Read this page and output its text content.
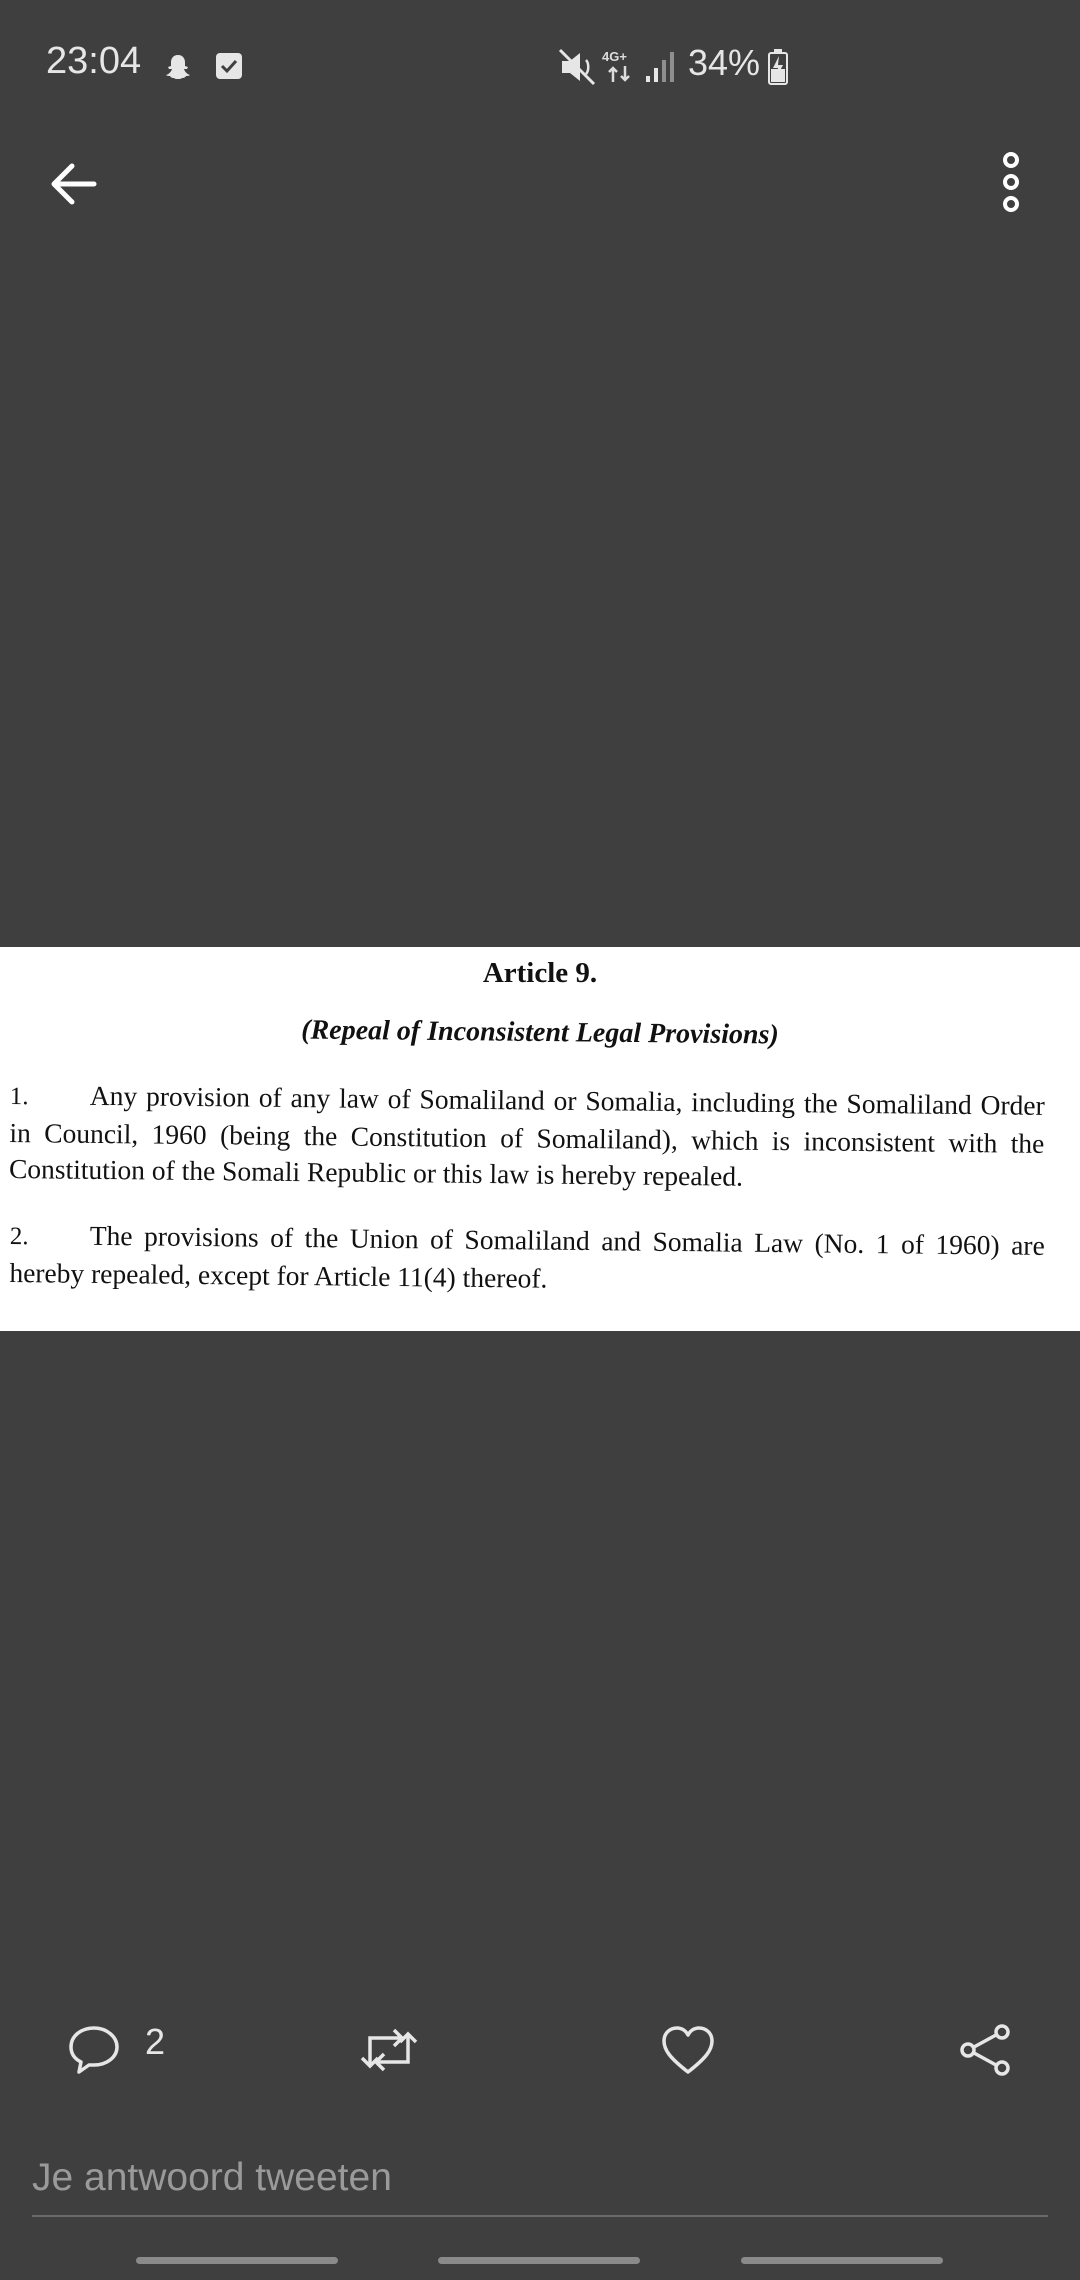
23:04	4G+ 34%
Article 9.
(Repeal of Inconsistent Legal Provisions)
1. Any provision of any law of Somaliland or Somalia, including the Somaliland Order in Council, 1960 (being the Constitution of Somaliland), which is inconsistent with the Constitution of the Somali Republic or this law is hereby repealed.
2. The provisions of the Union of Somaliland and Somalia Law (No. 1 of 1960) are hereby repealed, except for Article 11(4) thereof.
2
Je antwoord tweeten
